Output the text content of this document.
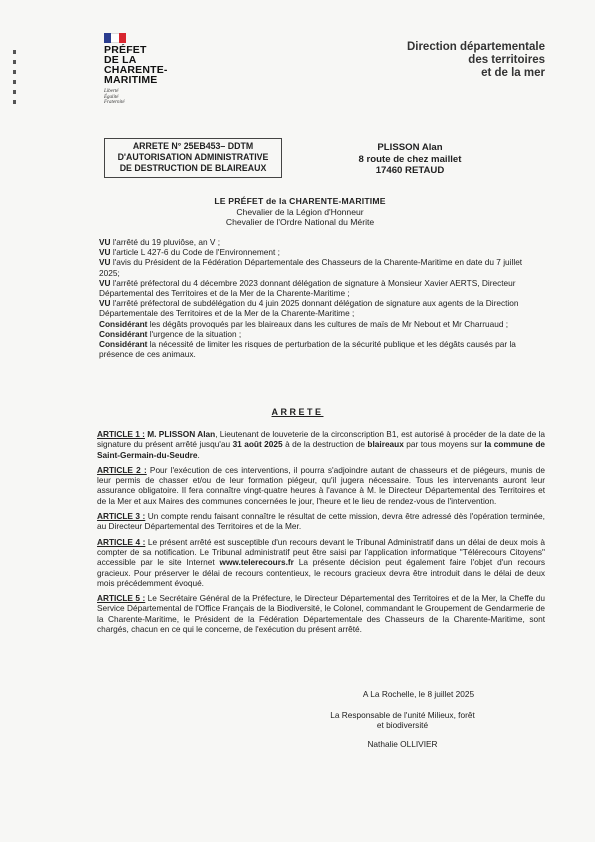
PRÉFET
DE LA
CHARENTE-
MARITIME
Liberté
Égalité
Fraternité
Direction départementale
des territoires
et de la mer
ARRETE N° 25EB453– DDTM
D'AUTORISATION ADMINISTRATIVE
DE DESTRUCTION DE BLAIREAUX
PLISSON Alan
8 route de chez maillet
17460 RETAUD
LE PRÉFET de la CHARENTE-MARITIME
Chevalier de la Légion d'Honneur
Chevalier de l'Ordre National du Mérite

VU l'arrêté du 19 pluviôse, an V ;

VU l'article L 427-6 du Code de l'Environnement ;

VU l'avis du Président de la Fédération Départementale des Chasseurs de la Charente-Maritime en date du 7 juillet 2025;

VU l'arrêté préfectoral du 4 décembre 2023 donnant délégation de signature à Monsieur Xavier AERTS, Directeur Départemental des Territoires et de la Mer de la Charente-Maritime ;

VU l'arrêté préfectoral de subdélégation du 4 juin 2025 donnant délégation de signature aux agents de la Direction Départementale des Territoires et de la Mer de la Charente-Maritime ;

Considérant les dégâts provoqués par les blaireaux dans les cultures de maïs de Mr Nebout et Mr Charruaud ;

Considérant l'urgence de la situation ;

Considérant la nécessité de limiter les risques de perturbation de la sécurité publique et les dégâts causés par la présence de ces animaux.

ARRETE

ARTICLE 1 : M. PLISSON Alan, Lieutenant de louveterie de la circonscription B1, est autorisé à procéder de la date de la signature du présent arrêté jusqu'au 31 août 2025 à de la destruction de blaireaux par tous moyens sur la commune de Saint-Germain-du-Seudre.

ARTICLE 2 : Pour l'exécution de ces interventions, il pourra s'adjoindre autant de chasseurs et de piégeurs, munis de leur permis de chasser et/ou de leur formation piégeur, qu'il jugera nécessaire. Tous les intervenants auront leur assurance obligatoire. Il fera connaître vingt-quatre heures à l'avance à M. le Directeur Départemental des Territoires et de la Mer et aux Maires des communes concernées le jour, l'heure et le lieu de rendez-vous de l'intervention.

ARTICLE 3 : Un compte rendu faisant connaître le résultat de cette mission, devra être adressé dès l'opération terminée, au Directeur Départemental des Territoires et de la Mer.

ARTICLE 4 : Le présent arrêté est susceptible d'un recours devant le Tribunal Administratif dans un délai de deux mois à compter de sa notification. Le Tribunal administratif peut être saisi par l'application informatique "Télérecours Citoyens" accessible par le site Internet www.telerecours.fr La présente décision peut également faire l'objet d'un recours gracieux. Pour préserver le délai de recours contentieux, le recours gracieux devra être introduit dans le délai de deux mois précédemment évoqué.

ARTICLE 5 : Le Secrétaire Général de la Préfecture, le Directeur Départemental des Territoires et de la Mer, la Cheffe du Service Départemental de l'Office Français de la Biodiversité, le Colonel, commandant le Groupement de Gendarmerie de la Charente-Maritime, le Président de la Fédération Départementale des Chasseurs de la Charente-Maritime, sont chargés, chacun en ce qui le concerne, de l'exécution du présent arrêté.

A La Rochelle, le 8 juillet 2025
La Responsable de l'unité Milieux, forêt
et biodiversité
Nathalie OLLIVIER
